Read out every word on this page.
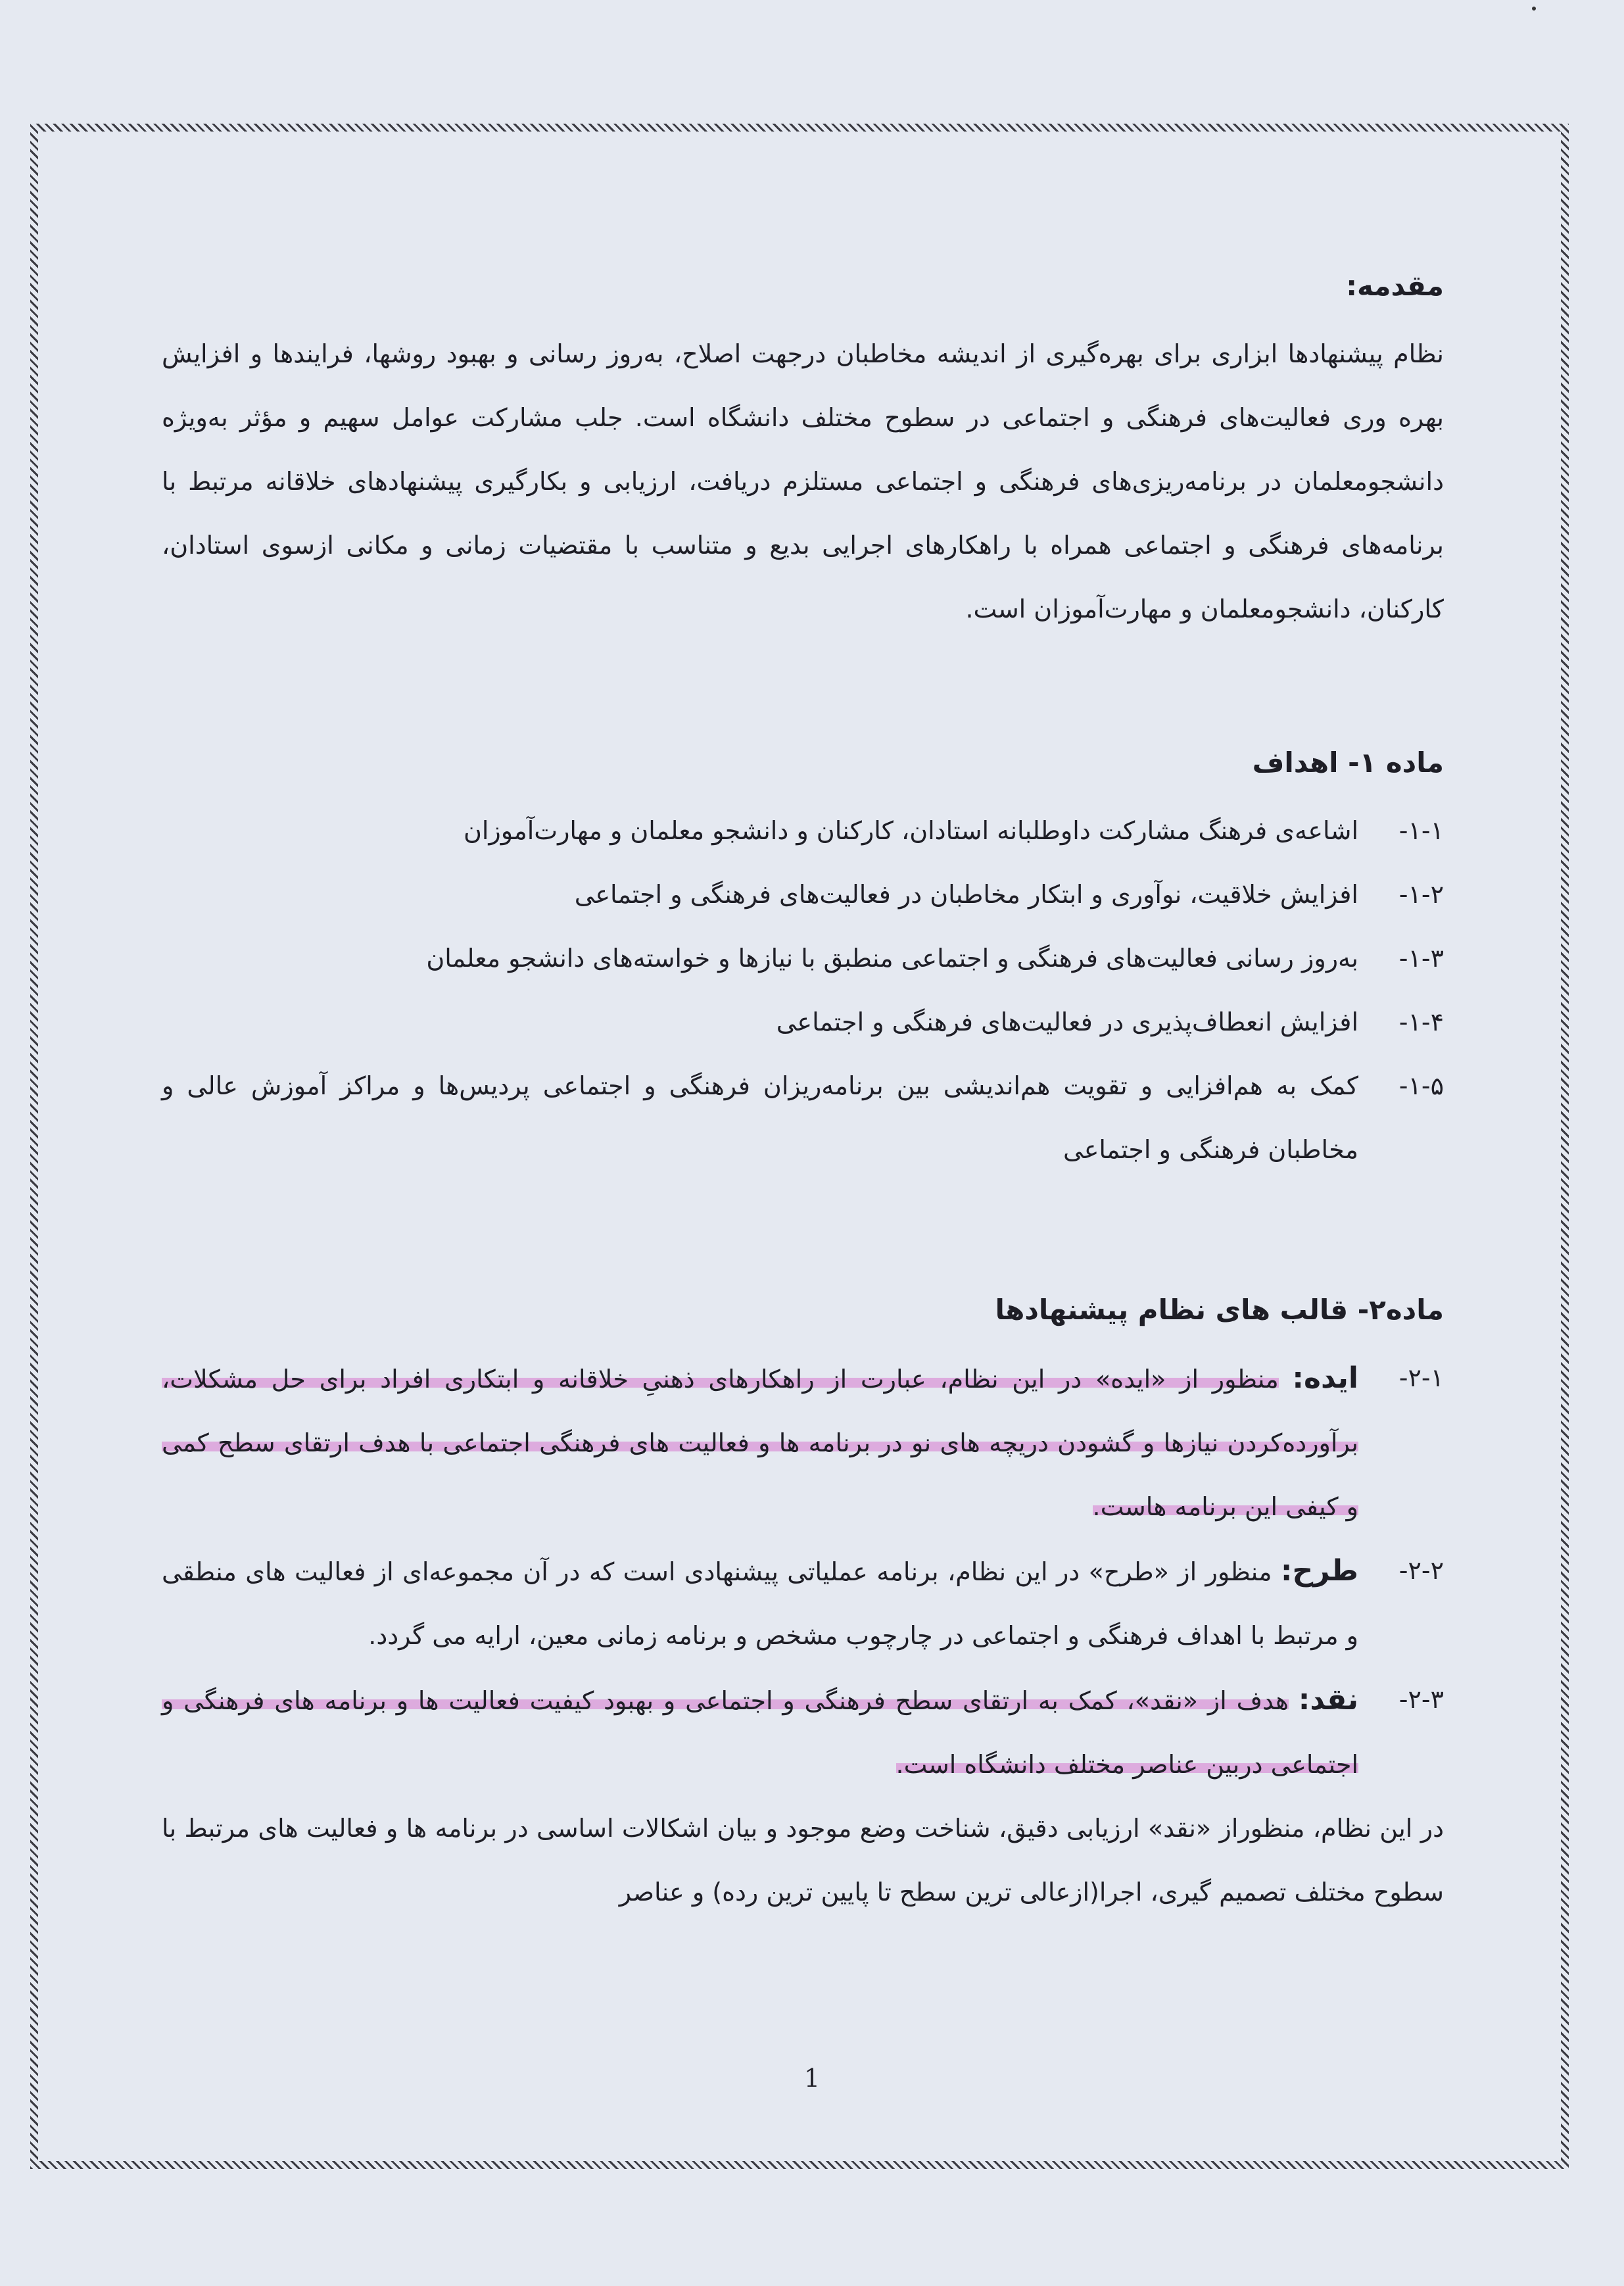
مقدمه:

نظام پیشنهادها ابزاری برای بهره‌گیری از اندیشه مخاطبان درجهت اصلاح، به‌روز رسانی و بهبود روشها، فرایندها و افزایش بهره وری فعالیت‌های فرهنگی و اجتماعی در سطوح مختلف دانشگاه است. جلب مشارکت عوامل سهیم و مؤثر به‌ویژه دانشجومعلمان در برنامه‌ریزی‌های فرهنگی و اجتماعی مستلزم دریافت، ارزیابی و بکارگیری پیشنهادهای خلاقانه مرتبط با برنامه‌های فرهنگی و اجتماعی همراه با راهکارهای اجرایی بدیع و متناسب با مقتضیات زمانی و مکانی ازسوی استادان، کارکنان، دانشجومعلمان و مهارت‌آموزان است.

ماده ۱- اهداف

۱-۱-
اشاعه‌ی فرهنگ مشارکت داوطلبانه استادان، کارکنان و دانشجو معلمان و مهارت‌آموزان
۱-۲-
افزایش خلاقیت، نوآوری و ابتکار مخاطبان در فعالیت‌های فرهنگی و اجتماعی
۱-۳-
به‌روز رسانی فعالیت‌های فرهنگی و اجتماعی منطبق با نیازها و خواسته‌های دانشجو معلمان
۱-۴-
افزایش انعطاف‌پذیری در فعالیت‌های فرهنگی و اجتماعی
۱-۵-
کمک به هم‌افزایی و تقویت هم‌اندیشی بین برنامه‌ریزان فرهنگی و اجتماعی پردیس‌ها و مراکز آموزش عالی و مخاطبان فرهنگی و اجتماعی

ماده۲- قالب های نظام پیشنهادها

۲-۱-
ایده: منظور از «ایده» در این نظام، عبارت از راهکارهای ذهنیِ خلاقانه و ابتکاری افراد برای حل مشکلات، برآورده‌کردن نیازها و گشودن دریچه های نو در برنامه ها و فعالیت های فرهنگی اجتماعی با هدف ارتقای سطح کمی و کیفی این برنامه هاست.
۲-۲-
طرح: منظور از «طرح» در این نظام، برنامه عملیاتی پیشنهادی است که در آن مجموعه‌ای از فعالیت های منطقی و مرتبط با اهداف فرهنگی و اجتماعی در چارچوب مشخص و برنامه زمانی معین، ارایه می گردد.
۲-۳-
نقد: هدف از «نقد»، کمک به ارتقای سطح فرهنگی و اجتماعی و بهبود کیفیت فعالیت ها و برنامه های فرهنگی و اجتماعی دربین عناصر مختلف دانشگاه است.

در این نظام، منظوراز «نقد» ارزیابی دقیق، شناخت وضع موجود و بیان اشکالات اساسی در برنامه ها و فعالیت های مرتبط با سطوح مختلف تصمیم گیری، اجرا(ازعالی ترین سطح تا پایین ترین رده) و عناصر

1
